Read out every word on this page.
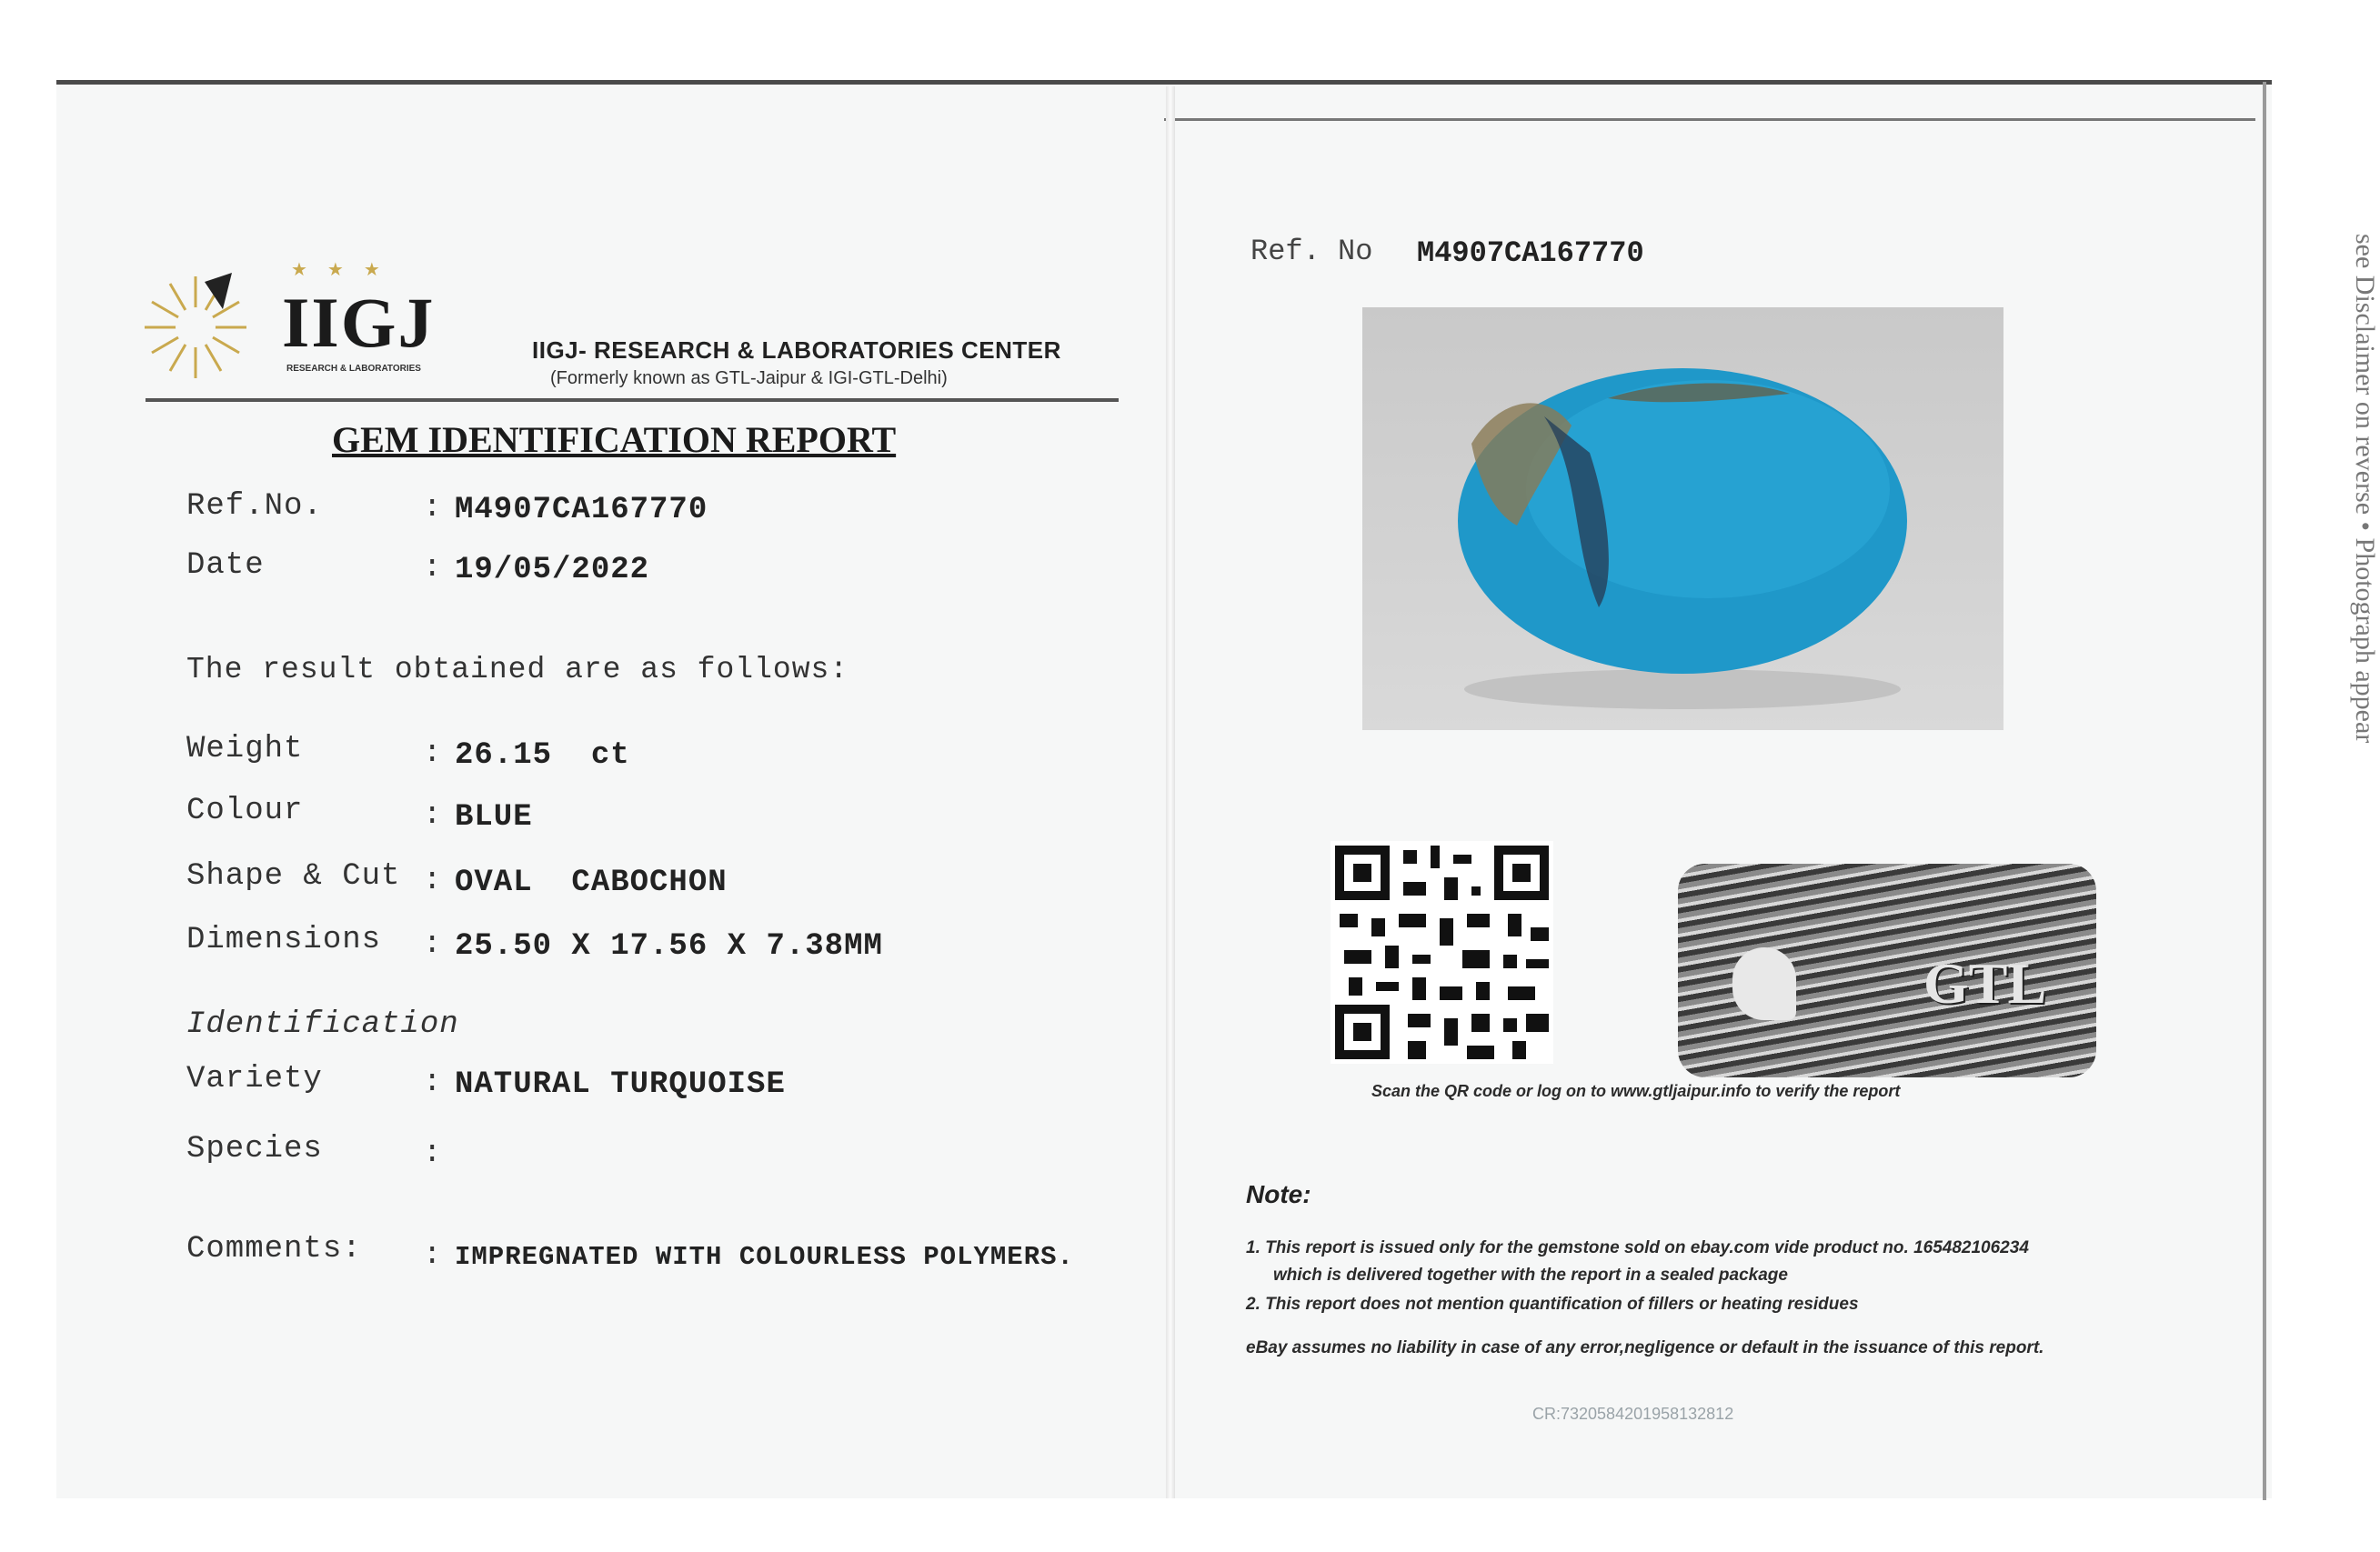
IIGJ
★★★
RESEARCH & LABORATORIES
IIGJ- RESEARCH & LABORATORIES CENTER
(Formerly known as GTL-Jaipur & IGI-GTL-Delhi)
GEM IDENTIFICATION REPORT
Ref.No.	: M4907CA167770
Date	: 19/05/2022
The result obtained are as follows:
Weight	: 26.15  ct
Colour	: BLUE
Shape & Cut : OVAL  CABOCHON
Dimensions : 25.50 X 17.56 X 7.38MM
Identification
Variety	: NATURAL TURQUOISE
Species	:
Comments: : IMPREGNATED WITH COLOURLESS POLYMERS.
Ref. No M4907CA167770
GTL
Scan the QR code or log on to www.gtljaipur.info to verify the report
Note:
1. This report is issued only for the gemstone sold on ebay.com vide product no. 165482106234
which is delivered together with the report in a sealed package
2. This report does not mention quantification of fillers or heating residues
eBay assumes no liability in case of any error,negligence or default in the issuance of this report.
CR:7320584201958132812
see Disclaimer on reverse • Photograph appear
